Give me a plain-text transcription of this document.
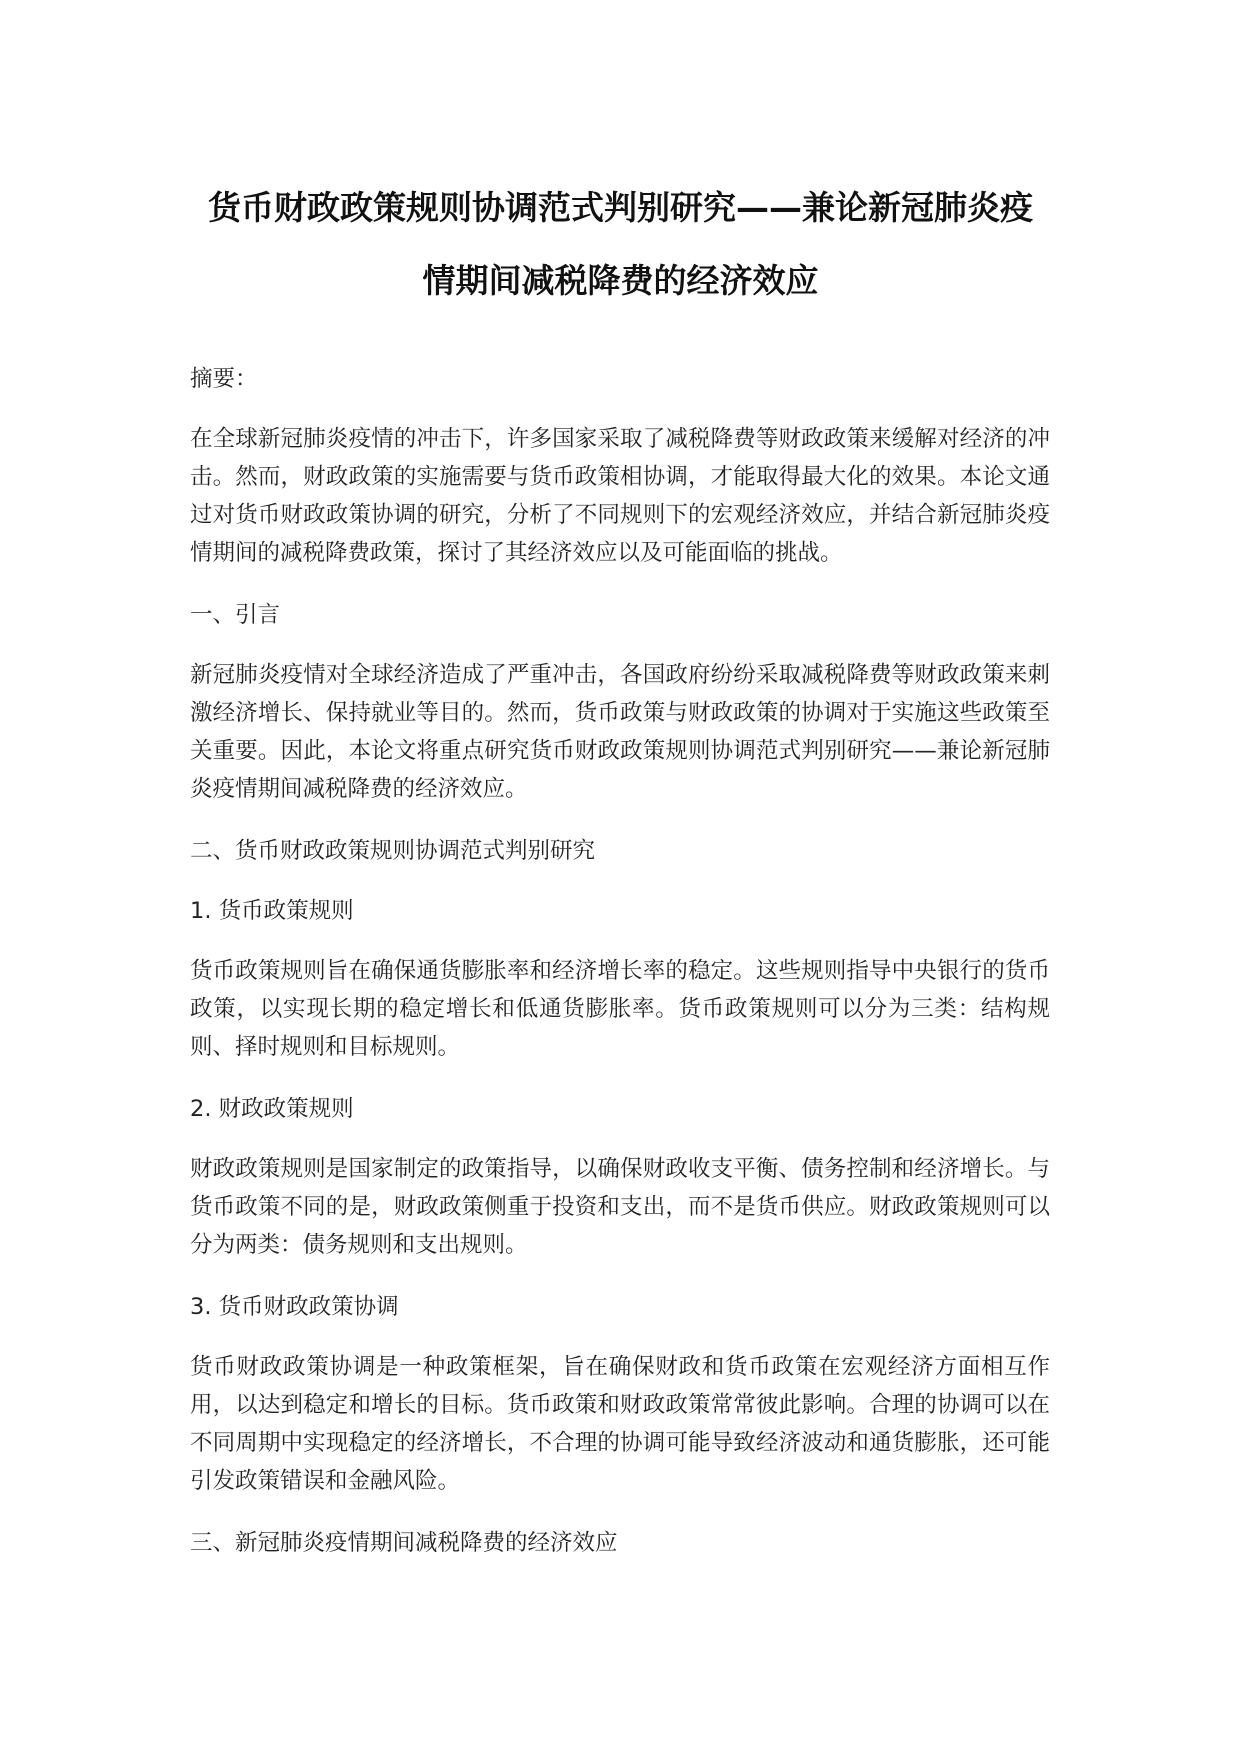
货币财政政策规则协调范式判别研究——兼论新冠肺炎疫
情期间减税降费的经济效应

摘要：

在全球新冠肺炎疫情的冲击下，许多国家采取了减税降费等财政政策来缓解对经济的冲击。然而，财政政策的实施需要与货币政策相协调，才能取得最大化的效果。本论文通过对货币财政政策协调的研究，分析了不同规则下的宏观经济效应，并结合新冠肺炎疫情期间的减税降费政策，探讨了其经济效应以及可能面临的挑战。

一、引言

新冠肺炎疫情对全球经济造成了严重冲击，各国政府纷纷采取减税降费等财政政策来刺激经济增长、保持就业等目的。然而，货币政策与财政政策的协调对于实施这些政策至关重要。因此，本论文将重点研究货币财政政策规则协调范式判别研究——兼论新冠肺炎疫情期间减税降费的经济效应。

二、货币财政政策规则协调范式判别研究

1. 货币政策规则

货币政策规则旨在确保通货膨胀率和经济增长率的稳定。这些规则指导中央银行的货币政策，以实现长期的稳定增长和低通货膨胀率。货币政策规则可以分为三类：结构规则、择时规则和目标规则。

2. 财政政策规则

财政政策规则是国家制定的政策指导，以确保财政收支平衡、债务控制和经济增长。与货币政策不同的是，财政政策侧重于投资和支出，而不是货币供应。财政政策规则可以分为两类：债务规则和支出规则。

3. 货币财政政策协调

货币财政政策协调是一种政策框架，旨在确保财政和货币政策在宏观经济方面相互作用，以达到稳定和增长的目标。货币政策和财政政策常常彼此影响。合理的协调可以在不同周期中实现稳定的经济增长，不合理的协调可能导致经济波动和通货膨胀，还可能引发政策错误和金融风险。

三、新冠肺炎疫情期间减税降费的经济效应
